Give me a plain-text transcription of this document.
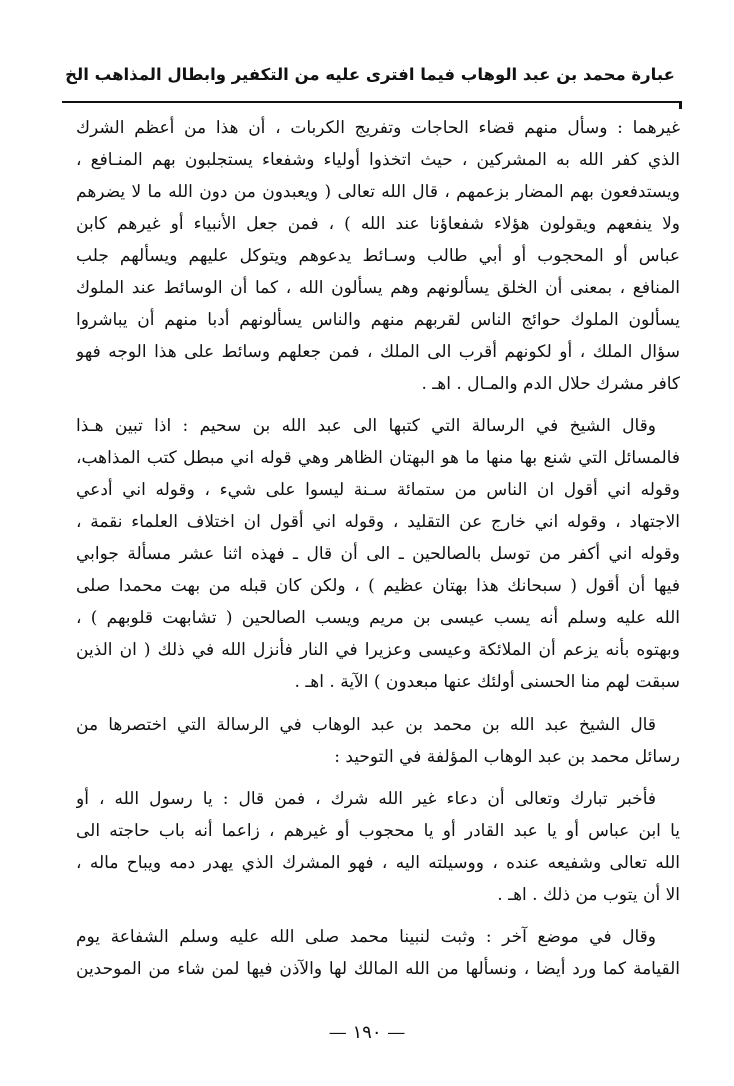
عبارة محمد بن عبد الوهاب فيما افترى عليه من التكفير وابطال المذاهب الخ
غيرهما : وسأل منهم قضاء الحاجات وتفريج الكربات ، أن هذا من أعظم الشرك
الذي كفر الله به المشركين ، حيث اتخذوا أولياء وشفعاء يستجلبون بهم المنـافع ،
ويستدفعون بهم المضار بزعمهم ، قال الله تعالى ( ويعبدون من دون الله ما لا يضرهم
ولا ينفعهم ويقولون هؤلاء شفعاؤنا عند الله ) ، فمن جعل الأنبياء أو غيرهم كابن
عباس أو المحجوب أو أبي طالب وسـائط يدعوهم ويتوكل عليهم ويسألهم جلب
المنافع ، بمعنى أن الخلق يسألونهم وهم يسألون الله ، كما أن الوسائط عند الملوك
يسألون الملوك حوائج الناس لقربهم منهم والناس يسألونهم أدبا منهم أن يباشروا
سؤال الملك ، أو لكونهم أقرب الى الملك ، فمن جعلهم وسائط على هذا الوجه فهو
كافر مشرك حلال الدم والمـال . اهـ .
وقال الشيخ في الرسالة التي كتبها الى عبد الله بن سحيم : اذا تبين هـذا
فالمسائل التي شنع بها منها ما هو البهتان الظاهر وهي قوله اني مبطل كتب المذاهب،
وقوله اني أقول ان الناس من ستمائة سـنة ليسوا على شيء ، وقوله اني أدعي
الاجتهاد ، وقوله اني خارج عن التقليد ، وقوله اني أقول ان اختلاف العلماء نقمة ،
وقوله اني أكفر من توسل بالصالحين ـ الى أن قال ـ فهذه اثنا عشر مسألة جوابي
فيها أن أقول ( سبحانك هذا بهتان عظيم ) ، ولكن كان قبله من بهت محمدا صلى
الله عليه وسلم أنه يسب عيسى بن مريم ويسب الصالحين ( تشابهت قلوبهم ) ،
وبهتوه بأنه يزعم أن الملائكة وعيسى وعزيرا في النار فأنزل الله في ذلك ( ان الذين
سبقت لهم منا الحسنى أولئك عنها مبعدون ) الآية . اهـ .
قال الشيخ عبد الله بن محمد بن عبد الوهاب في الرسالة التي اختصرها من
رسائل محمد بن عبد الوهاب المؤلفة في التوحيد :
فأخبر تبارك وتعالى أن دعاء غير الله شرك ، فمن قال : يا رسول الله ، أو
يا ابن عباس أو يا عبد القادر أو يا محجوب أو غيرهم ، زاعما أنه باب حاجته الى
الله تعالى وشفيعه عنده ، ووسيلته اليه ، فهو المشرك الذي يهدر دمه ويباح ماله ،
الا أن يتوب من ذلك . اهـ .
وقال في موضع آخر : وثبت لنبينا محمد صلى الله عليه وسلم الشفاعة يوم
القيامة كما ورد أيضا ، ونسألها من الله المالك لها والآذن فيها لمن شاء من الموحدين
— ١٩٠ —
